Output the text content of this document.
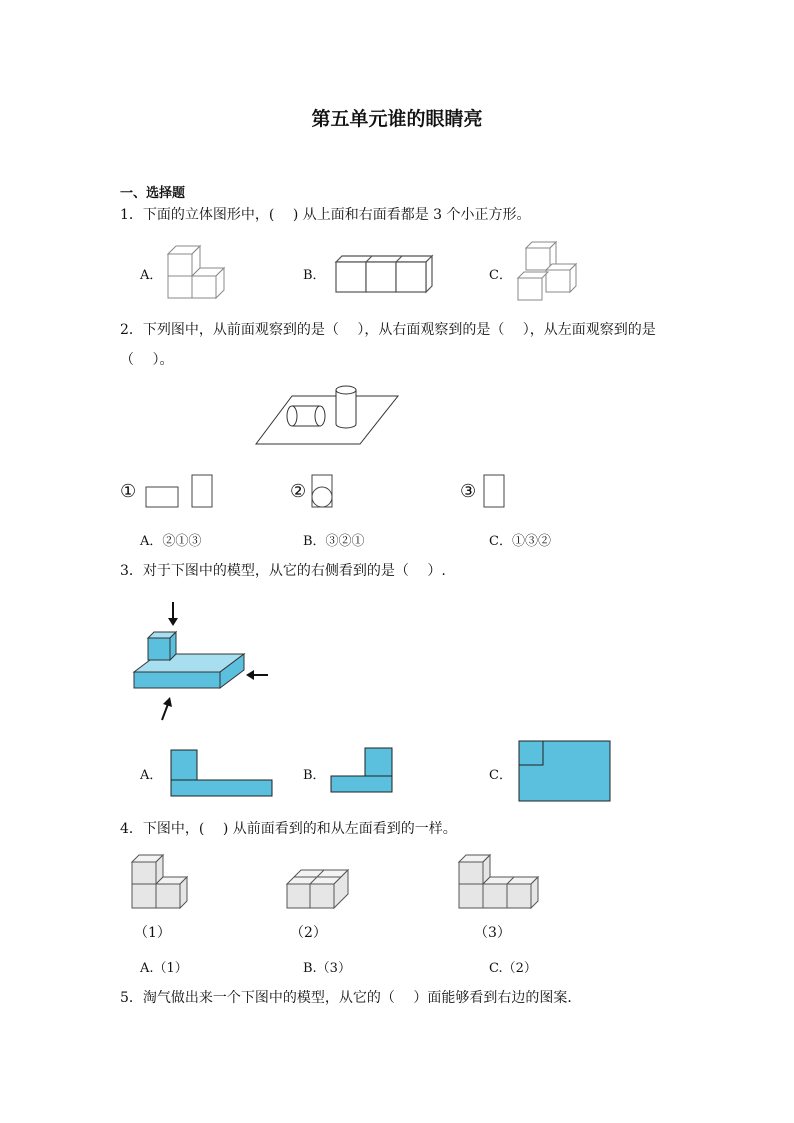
第五单元谁的眼睛亮
一、选择题
1．下面的立体图形中，(　 ) 从上面和右面看都是 3 个小正方形。
A．	B．	C．
2．下列图中，从前面观察到的是（　 ），从右面观察到的是（　 ），从左面观察到的是
（　 ）。
①	②	③
A．②①③	B．③②①	C．①③②
3．对于下图中的模型，从它的右侧看到的是（　 ）.
A．	B．	C．
4．下图中，(　 ) 从前面看到的和从左面看到的一样。
（1）	（2）	（3）
A.（1）	B.（3）	C.（2）
5．淘气做出来一个下图中的模型，从它的（　 ）面能够看到右边的图案．
